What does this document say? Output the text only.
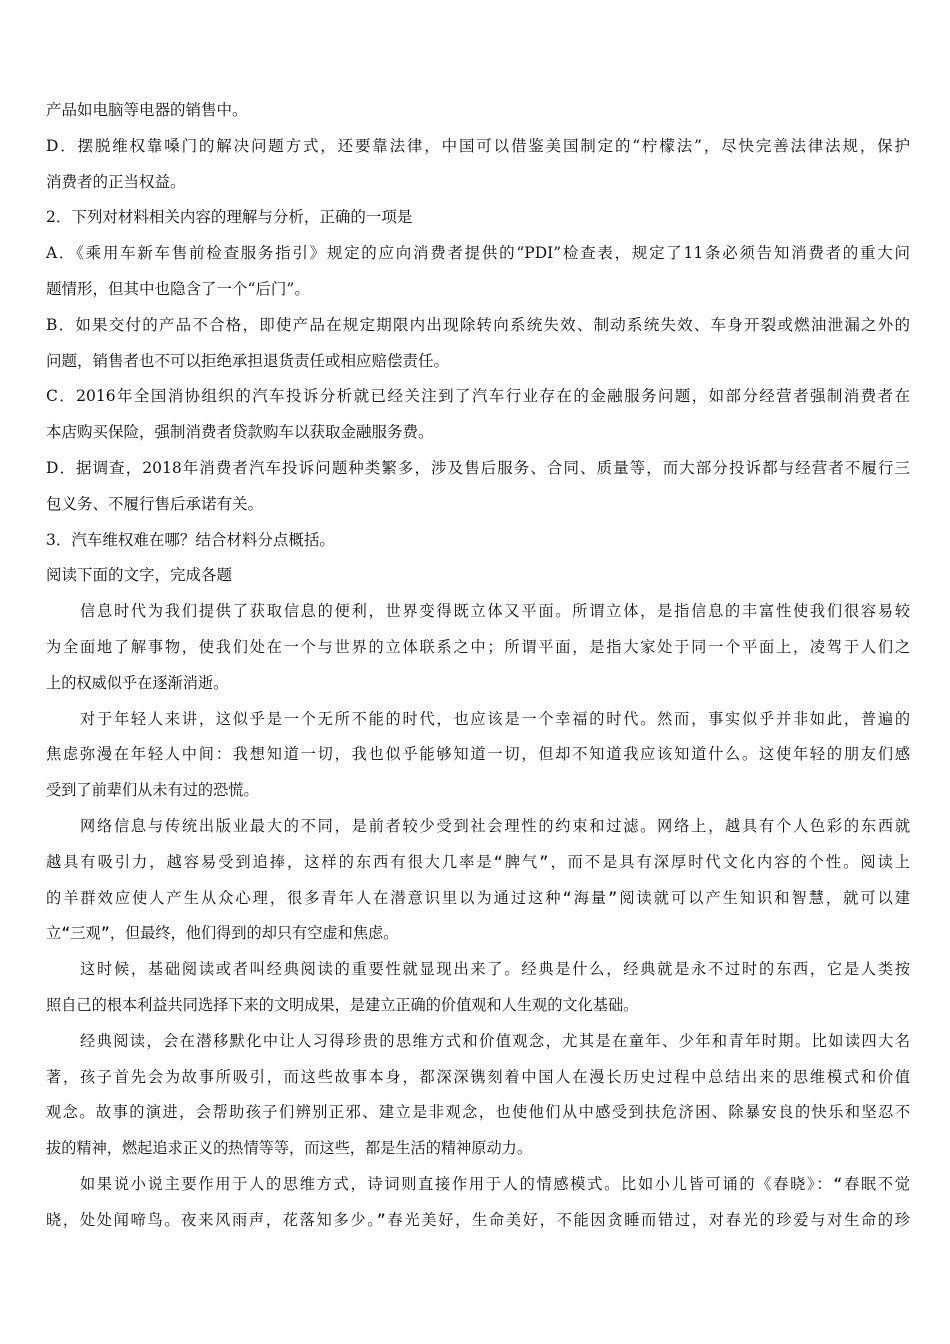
产品如电脑等电器的销售中。
D．摆脱维权靠嗓门的解决问题方式，还要靠法律，中国可以借鉴美国制定的“柠檬法”，尽快完善法律法规，保护
消费者的正当权益。
2．下列对材料相关内容的理解与分析，正确的一项是
A．《乘用车新车售前检查服务指引》规定的应向消费者提供的“PDI”检查表，规定了11条必须告知消费者的重大问
题情形，但其中也隐含了一个“后门”。
B．如果交付的产品不合格，即使产品在规定期限内出现除转向系统失效、制动系统失效、车身开裂或燃油泄漏之外的
问题，销售者也不可以拒绝承担退货责任或相应赔偿责任。
C．2016年全国消协组织的汽车投诉分析就已经关注到了汽车行业存在的金融服务问题，如部分经营者强制消费者在
本店购买保险，强制消费者贷款购车以获取金融服务费。
D．据调查，2018年消费者汽车投诉问题种类繁多，涉及售后服务、合同、质量等，而大部分投诉都与经营者不履行三
包义务、不履行售后承诺有关。
3．汽车维权难在哪？结合材料分点概括。
阅读下面的文字，完成各题
信息时代为我们提供了获取信息的便利，世界变得既立体又平面。所谓立体，是指信息的丰富性使我们很容易较
为全面地了解事物，使我们处在一个与世界的立体联系之中；所谓平面，是指大家处于同一个平面上，凌驾于人们之
上的权威似乎在逐渐消逝。
对于年轻人来讲，这似乎是一个无所不能的时代，也应该是一个幸福的时代。然而，事实似乎并非如此，普遍的
焦虑弥漫在年轻人中间：我想知道一切，我也似乎能够知道一切，但却不知道我应该知道什么。这使年轻的朋友们感
受到了前辈们从未有过的恐慌。
网络信息与传统出版业最大的不同，是前者较少受到社会理性的约束和过滤。网络上，越具有个人色彩的东西就
越具有吸引力，越容易受到追捧，这样的东西有很大几率是“脾气”，而不是具有深厚时代文化内容的个性。阅读上
的羊群效应使人产生从众心理，很多青年人在潜意识里以为通过这种“海量”阅读就可以产生知识和智慧，就可以建
立“三观”，但最终，他们得到的却只有空虚和焦虑。
这时候，基础阅读或者叫经典阅读的重要性就显现出来了。经典是什么，经典就是永不过时的东西，它是人类按
照自己的根本利益共同选择下来的文明成果，是建立正确的价值观和人生观的文化基础。
经典阅读，会在潜移默化中让人习得珍贵的思维方式和价值观念，尤其是在童年、少年和青年时期。比如读四大名
著，孩子首先会为故事所吸引，而这些故事本身，都深深镌刻着中国人在漫长历史过程中总结出来的思维模式和价值
观念。故事的演进，会帮助孩子们辨别正邪、建立是非观念，也使他们从中感受到扶危济困、除暴安良的快乐和坚忍不
拔的精神，燃起追求正义的热情等等，而这些，都是生活的精神原动力。
如果说小说主要作用于人的思维方式，诗词则直接作用于人的情感模式。比如小儿皆可诵的《春晓》：“春眠不觉
晓，处处闻啼鸟。夜来风雨声，花落知多少。”春光美好，生命美好，不能因贪睡而错过，对春光的珍爱与对生命的珍
